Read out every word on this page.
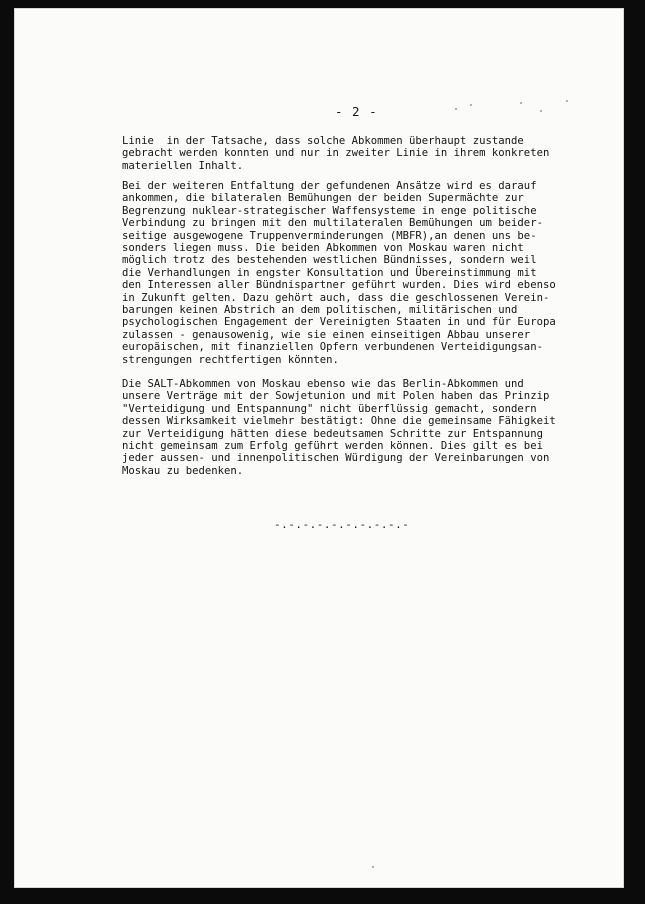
- 2 -
Linie  in der Tatsache, dass solche Abkommen überhaupt zustande
gebracht werden konnten und nur in zweiter Linie in ihrem konkreten
materiellen Inhalt.
Bei der weiteren Entfaltung der gefundenen Ansätze wird es darauf
ankommen, die bilateralen Bemühungen der beiden Supermächte zur
Begrenzung nuklear-strategischer Waffensysteme in enge politische
Verbindung zu bringen mit den multilateralen Bemühungen um beider-
seitige ausgewogene Truppenverminderungen (MBFR),an denen uns be-
sonders liegen muss. Die beiden Abkommen von Moskau waren nicht
möglich trotz des bestehenden westlichen Bündnisses, sondern weil
die Verhandlungen in engster Konsultation und Übereinstimmung mit
den Interessen aller Bündnispartner geführt wurden. Dies wird ebenso
in Zukunft gelten. Dazu gehört auch, dass die geschlossenen Verein-
barungen keinen Abstrich an dem politischen, militärischen und
psychologischen Engagement der Vereinigten Staaten in und für Europa
zulassen - genausowenig, wie sie einen einseitigen Abbau unserer
europäischen, mit finanziellen Opfern verbundenen Verteidigungsan-
strengungen rechtfertigen könnten.
Die SALT-Abkommen von Moskau ebenso wie das Berlin-Abkommen und
unsere Verträge mit der Sowjetunion und mit Polen haben das Prinzip
"Verteidigung und Entspannung" nicht überflüssig gemacht, sondern
dessen Wirksamkeit vielmehr bestätigt: Ohne die gemeinsame Fähigkeit
zur Verteidigung hätten diese bedeutsamen Schritte zur Entspannung
nicht gemeinsam zum Erfolg geführt werden können. Dies gilt es bei
jeder aussen- und innenpolitischen Würdigung der Vereinbarungen von
Moskau zu bedenken.
-.-.-.-.-.-.-.-.-.-
